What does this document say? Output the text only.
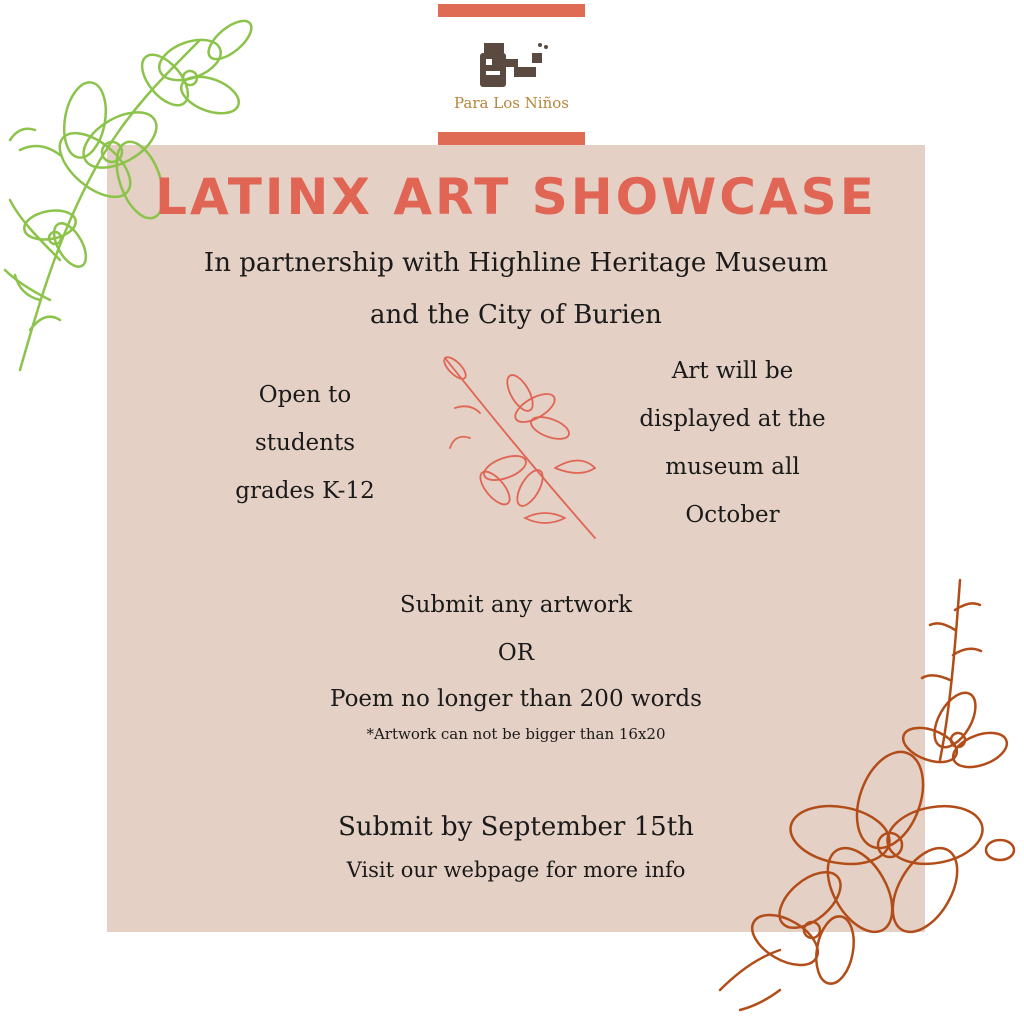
Para Los Niños
LATINX ART SHOWCASE
In partnership with Highline Heritage Museum
and the City of Burien
Open to
students
grades K-12
Art will be
displayed at the
museum all
October
Submit any artwork
OR
Poem no longer than 200 words
*Artwork can not be bigger than 16x20
Submit by September 15th
Visit our webpage for more info
